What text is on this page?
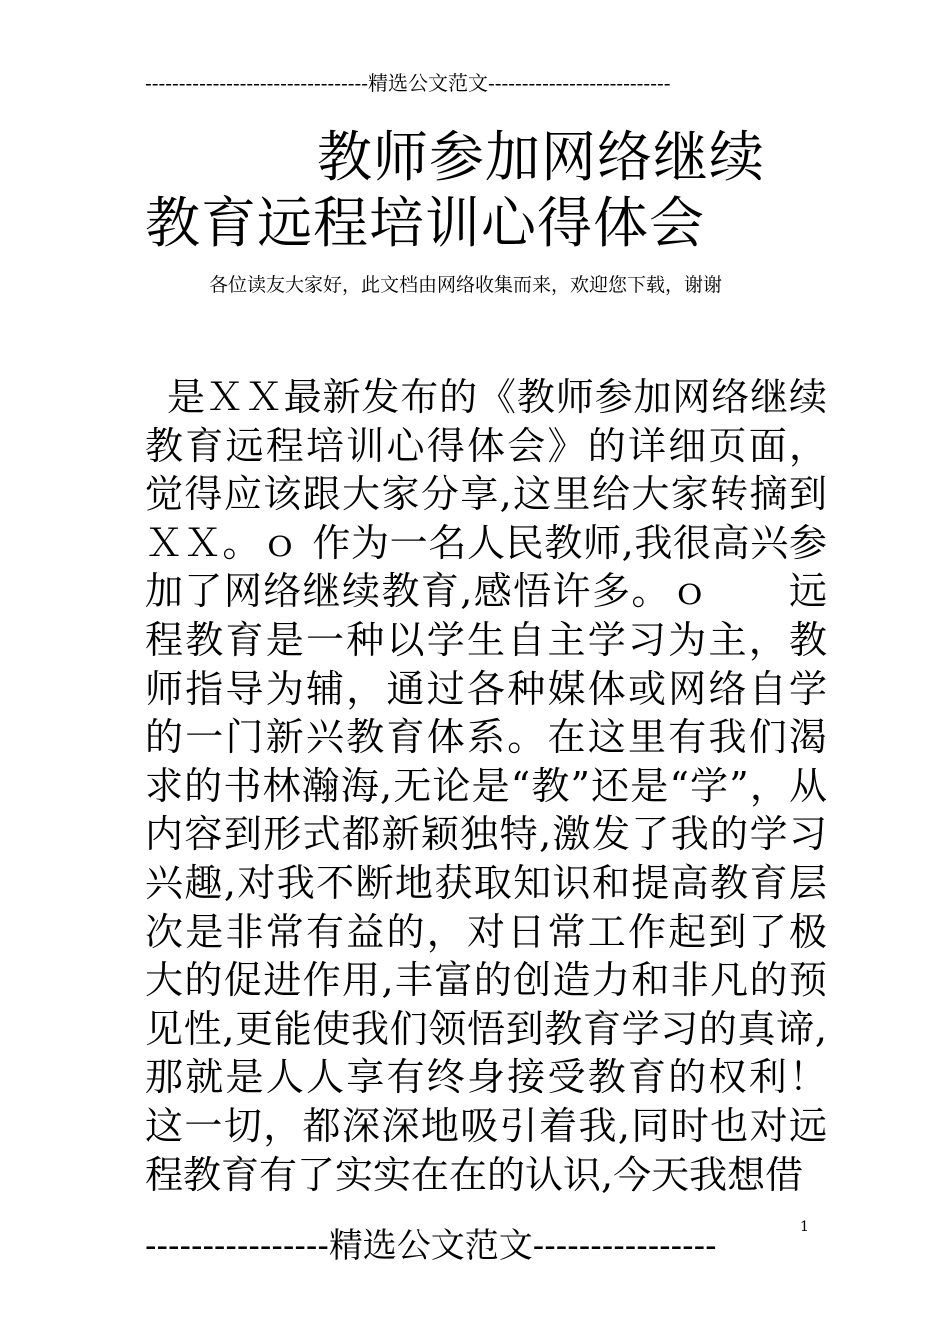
---------------------------------精选公文范文---------------------------
教师参加网络继续
教育远程培训心得体会
各位读友大家好，此文档由网络收集而来，欢迎您下载，谢谢
是ＸＸ最新发布的《教师参加网络继续教育远程培训心得体会》的详细页面，觉得应该跟大家分享,这里给大家转摘到ＸＸ。ｏ 作为一名人民教师,我很高兴参加了网络继续教育,感悟许多。ｏ　　远程教育是一种以学生自主学习为主，教师指导为辅，通过各种媒体或网络自学的一门新兴教育体系。在这里有我们渴求的书林瀚海,无论是“教”还是“学”，从内容到形式都新颖独特,激发了我的学习兴趣,对我不断地获取知识和提高教育层次是非常有益的，对日常工作起到了极大的促进作用,丰富的创造力和非凡的预见性,更能使我们领悟到教育学习的真谛,那就是人人享有终身接受教育的权利！这一切，都深深地吸引着我,同时也对远程教育有了实实在在的认识,今天我想借
----------------精选公文范文----------------	1
